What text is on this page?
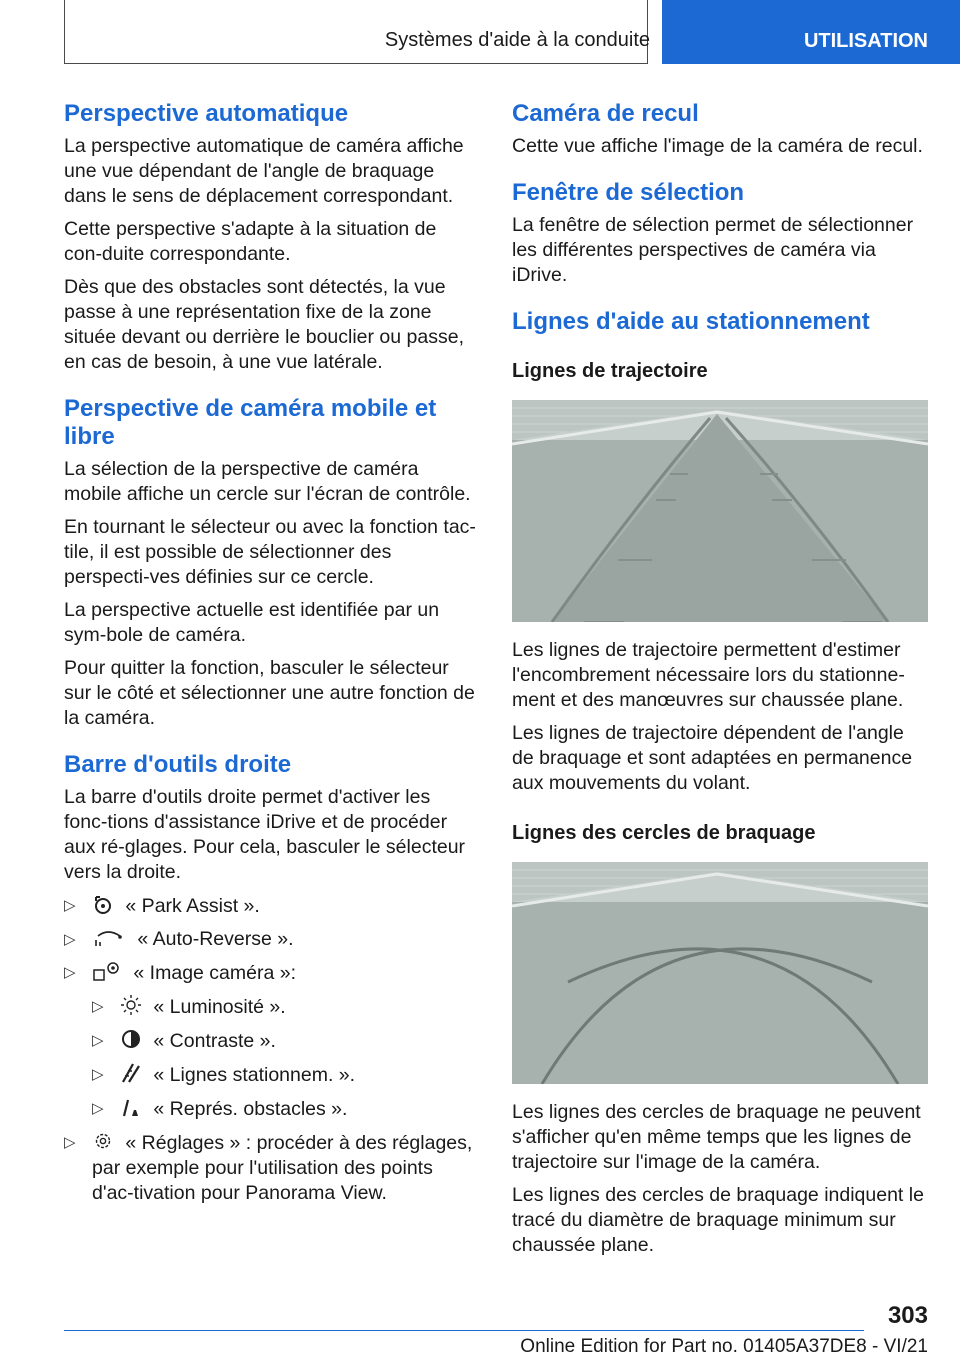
Systèmes d'aide à la conduite	UTILISATION
Perspective automatique

La perspective automatique de caméra affiche une vue dépendant de l'angle de braquage dans le sens de déplacement correspondant.

Cette perspective s'adapte à la situation de con-duite correspondante.

Dès que des obstacles sont détectés, la vue passe à une représentation fixe de la zone située devant ou derrière le bouclier ou passe, en cas de besoin, à une vue latérale.

Perspective de caméra mobile et libre

La sélection de la perspective de caméra mobile affiche un cercle sur l'écran de contrôle.

En tournant le sélecteur ou avec la fonction tac-tile, il est possible de sélectionner des perspecti-ves définies sur ce cercle.

La perspective actuelle est identifiée par un sym-bole de caméra.

Pour quitter la fonction, basculer le sélecteur sur le côté et sélectionner une autre fonction de la caméra.

Barre d'outils droite

La barre d'outils droite permet d'activer les fonc-tions d'assistance iDrive et de procéder aux ré-glages. Pour cela, basculer le sélecteur vers la droite.

▷	« Park Assist ».
▷	« Auto-Reverse ».
▷	« Image caméra »:
▷	« Luminosité ».
▷	« Contraste ».
▷	« Lignes stationnem. ».
▷	« Représ. obstacles ».
▷	« Réglages » : procéder à des réglages, par exemple pour l'utilisation des points d'ac-tivation pour Panorama View.
Caméra de recul

Cette vue affiche l'image de la caméra de recul.

Fenêtre de sélection

La fenêtre de sélection permet de sélectionner les différentes perspectives de caméra via iDrive.

Lignes d'aide au stationnement
Lignes de trajectoire

Les lignes de trajectoire permettent d'estimer l'encombrement nécessaire lors du stationne-ment et des manœuvres sur chaussée plane.

Les lignes de trajectoire dépendent de l'angle de braquage et sont adaptées en permanence aux mouvements du volant.

Lignes des cercles de braquage

Les lignes des cercles de braquage ne peuvent s'afficher qu'en même temps que les lignes de trajectoire sur l'image de la caméra.

Les lignes des cercles de braquage indiquent le tracé du diamètre de braquage minimum sur chaussée plane.

303
Online Edition for Part no. 01405A37DE8 - VI/21
